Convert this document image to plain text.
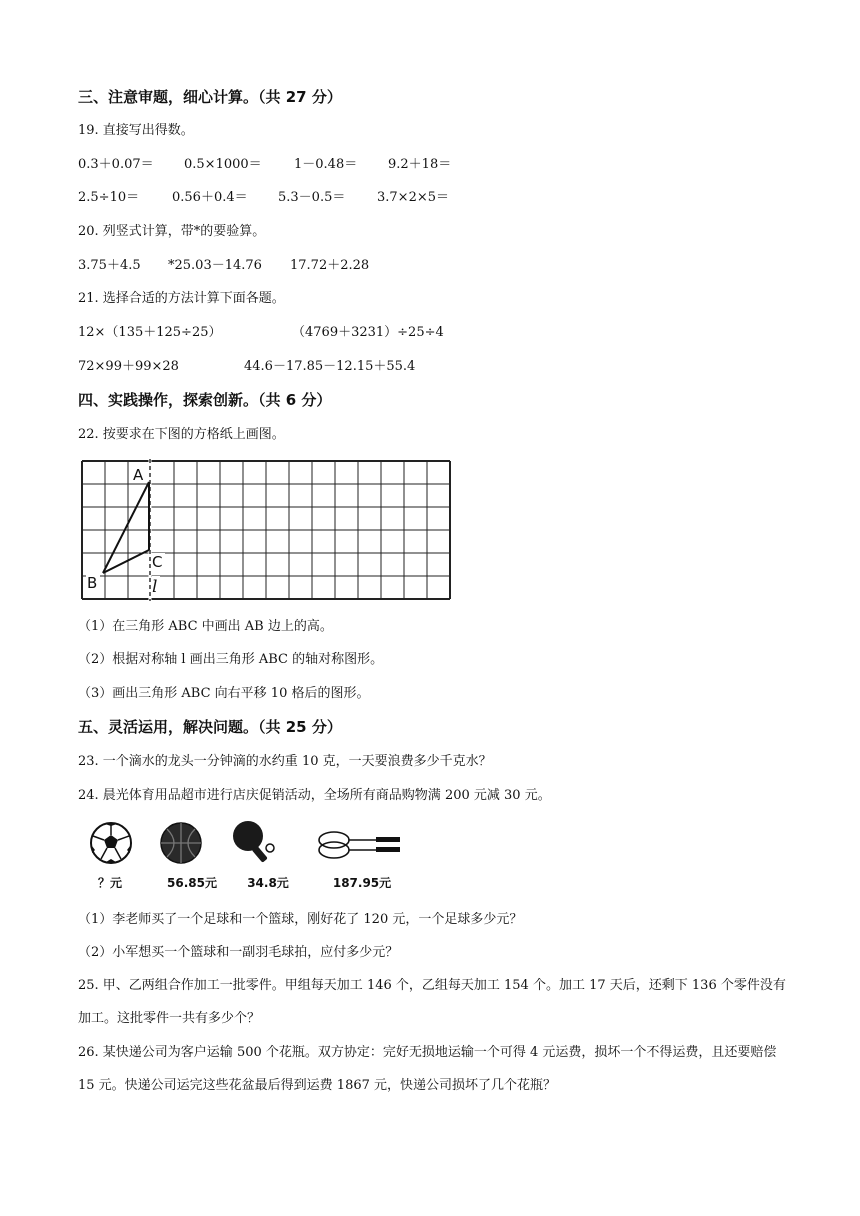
三、注意审题，细心计算。（共 27 分）
19. 直接写出得数。
0.3＋0.07＝ 0.5×1000＝ 1－0.48＝ 9.2＋18＝
2.5÷10＝	0.56＋0.4＝ 5.3－0.5＝ 3.7×2×5＝
20. 列竖式计算，带*的要验算。
3.75＋4.5 *25.03－14.76 17.72＋2.28
21. 选择合适的方法计算下面各题。
12×（135＋125÷25）	（4769＋3231）÷25÷4
72×99＋99×28	44.6－17.85－12.15＋55.4
四、实践操作，探索创新。（共 6 分）
22. 按要求在下图的方格纸上画图。
A
B
C
l
（1）在三角形 ABC 中画出 AB 边上的高。
（2）根据对称轴 l 画出三角形 ABC 的轴对称图形。
（3）画出三角形 ABC 向右平移 10 格后的图形。
五、灵活运用，解决问题。（共 25 分）
23. 一个滴水的龙头一分钟滴的水约重 10 克，一天要浪费多少千克水？
24. 晨光体育用品超市进行店庆促销活动，全场所有商品购物满 200 元减 30 元。
？元	56.85元	34.8元	187.95元
（1）李老师买了一个足球和一个篮球，刚好花了 120 元，一个足球多少元？
（2）小军想买一个篮球和一副羽毛球拍，应付多少元？
25. 甲、乙两组合作加工一批零件。甲组每天加工 146 个，乙组每天加工 154 个。加工 17 天后，还剩下 136 个零件没有加工。这批零件一共有多少个？
26. 某快递公司为客户运输 500 个花瓶。双方协定：完好无损地运输一个可得 4 元运费，损坏一个不得运费，且还要赔偿 15 元。快递公司运完这些花盆最后得到运费 1867 元，快递公司损坏了几个花瓶？
